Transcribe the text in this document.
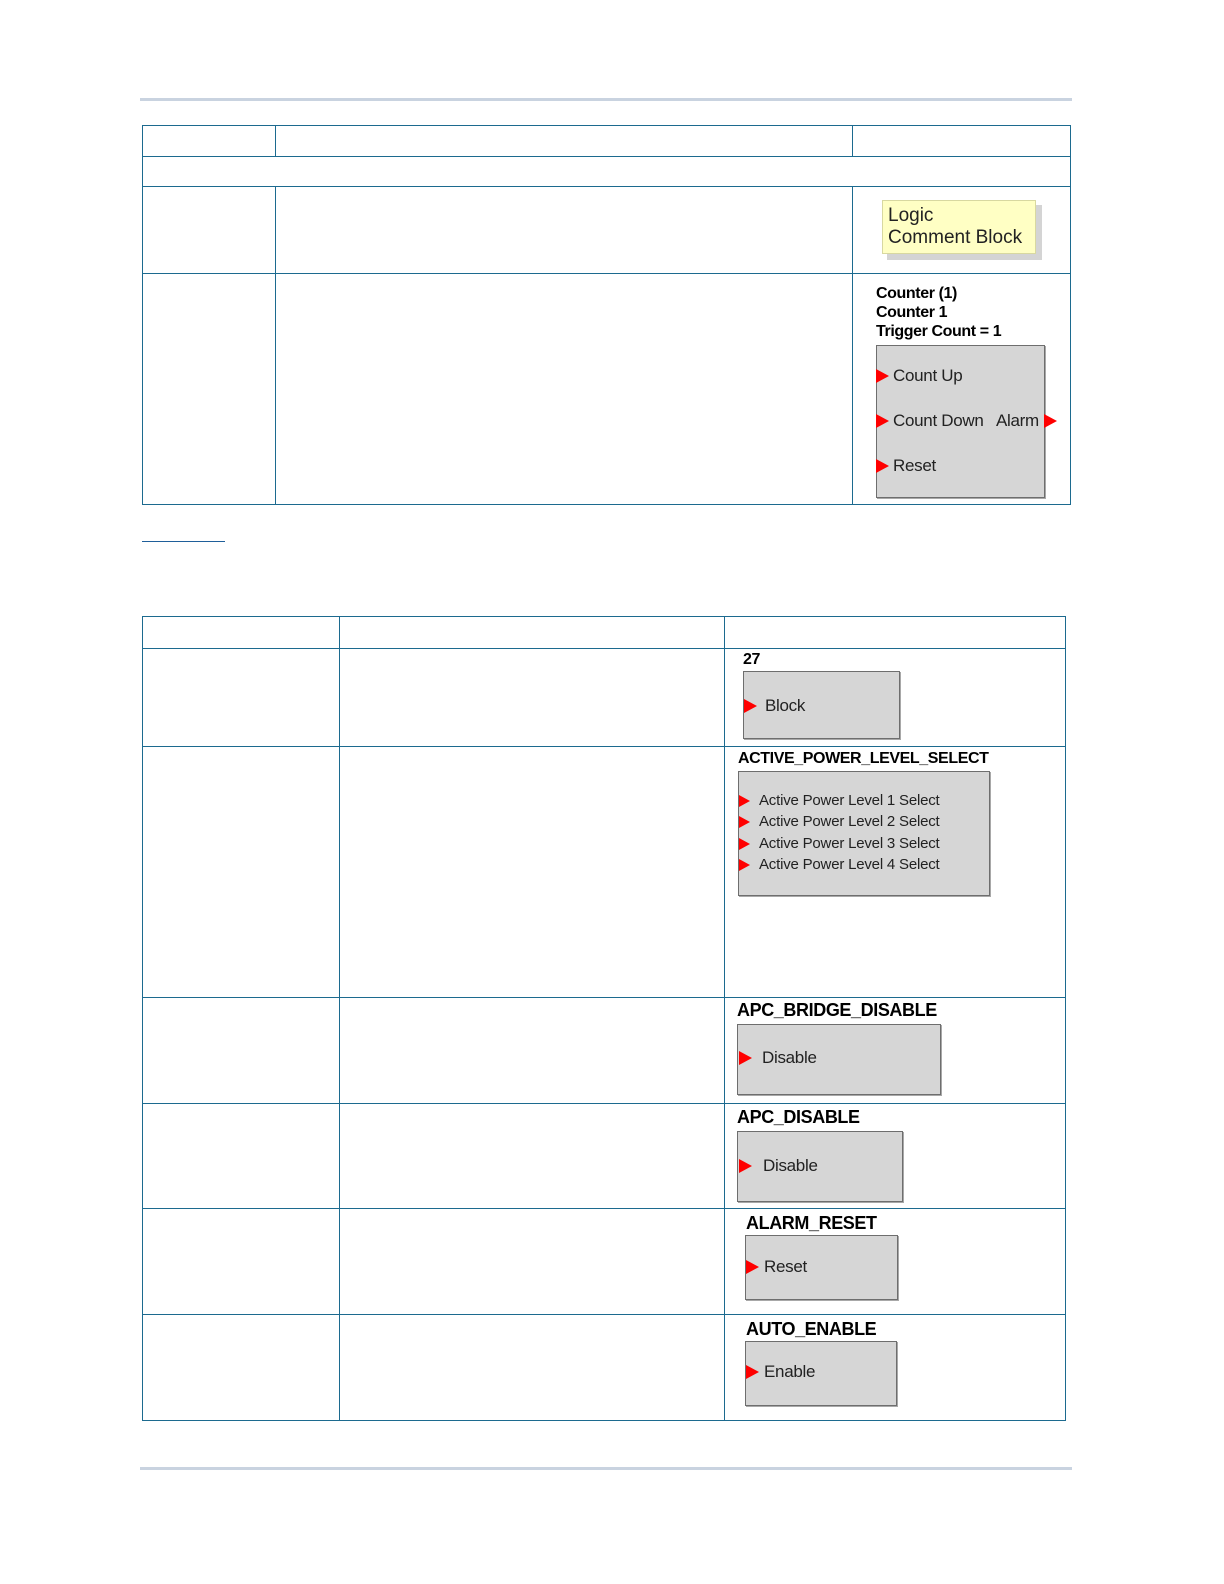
Logic
Comment Block
Counter (1)
Counter 1
Trigger Count = 1
Count Up
Count Down
Reset
Alarm
27
Block
ACTIVE_POWER_LEVEL_SELECT
Active Power Level 1 Select
Active Power Level 2 Select
Active Power Level 3 Select
Active Power Level 4 Select
APC_BRIDGE_DISABLE
Disable
APC_DISABLE
Disable
ALARM_RESET
Reset
AUTO_ENABLE
Enable
